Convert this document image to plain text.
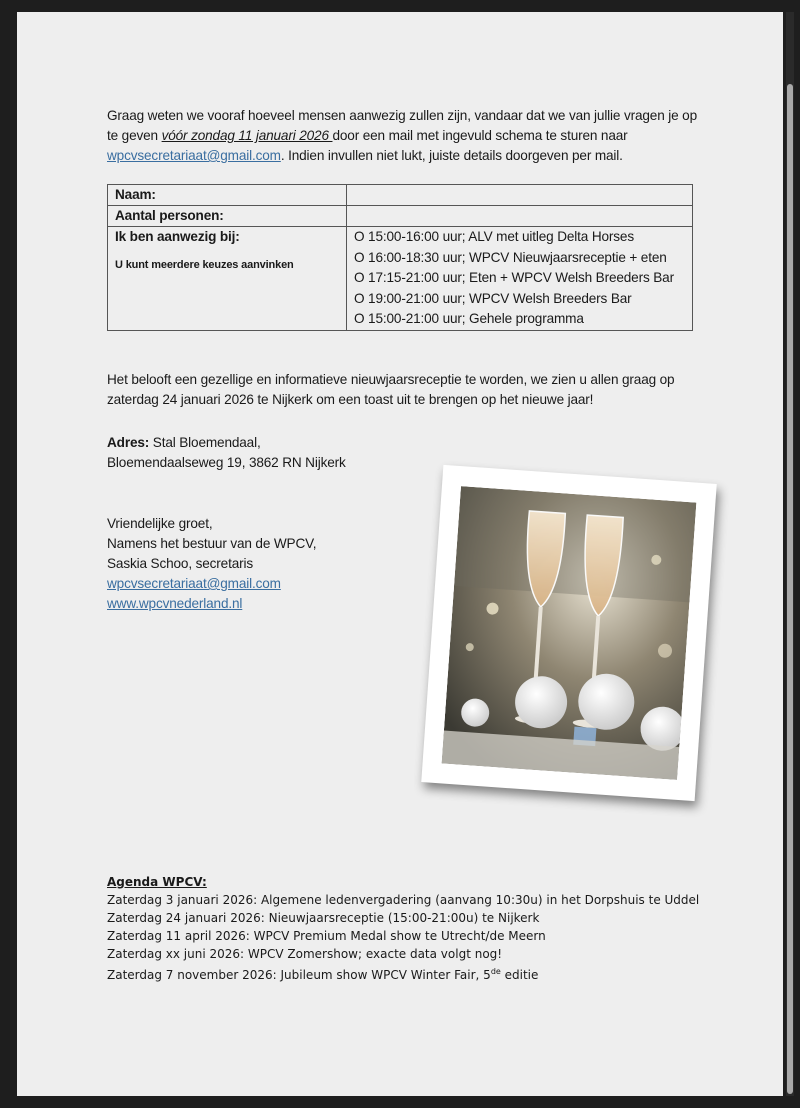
Graag weten we vooraf hoeveel mensen aanwezig zullen zijn, vandaar dat we van jullie vragen je op te geven vóór zondag 11 januari 2026 door een mail met ingevuld schema te sturen naar wpcvsecretariaat@gmail.com. Indien invullen niet lukt, juiste details doorgeven per mail.
Naam:	
Aantal personen:	
Ik ben aanwezig bij:
U kunt meerdere keuzes aanvinken	O 15:00-16:00 uur; ALV met uitleg Delta Horses
O 16:00-18:30 uur; WPCV Nieuwjaarsreceptie + eten
O 17:15-21:00 uur; Eten + WPCV Welsh Breeders Bar
O 19:00-21:00 uur; WPCV Welsh Breeders Bar
O 15:00-21:00 uur; Gehele programma
Het belooft een gezellige en informatieve nieuwjaarsreceptie te worden, we zien u allen graag op zaterdag 24 januari 2026 te Nijkerk om een toast uit te brengen op het nieuwe jaar!
Adres: Stal Bloemendaal,
Bloemendaalseweg 19, 3862 RN Nijkerk
Vriendelijke groet,
Namens het bestuur van de WPCV,
Saskia Schoo, secretaris
wpcvsecretariaat@gmail.com
www.wpcvnederland.nl
Agenda WPCV:
Zaterdag 3 januari 2026: Algemene ledenvergadering (aanvang 10:30u) in het Dorpshuis te Uddel
Zaterdag 24 januari 2026: Nieuwjaarsreceptie (15:00-21:00u) te Nijkerk
Zaterdag 11 april 2026: WPCV Premium Medal show te Utrecht/de Meern
Zaterdag xx juni 2026: WPCV Zomershow; exacte data volgt nog!
Zaterdag 7 november 2026: Jubileum show WPCV Winter Fair, 5de editie
